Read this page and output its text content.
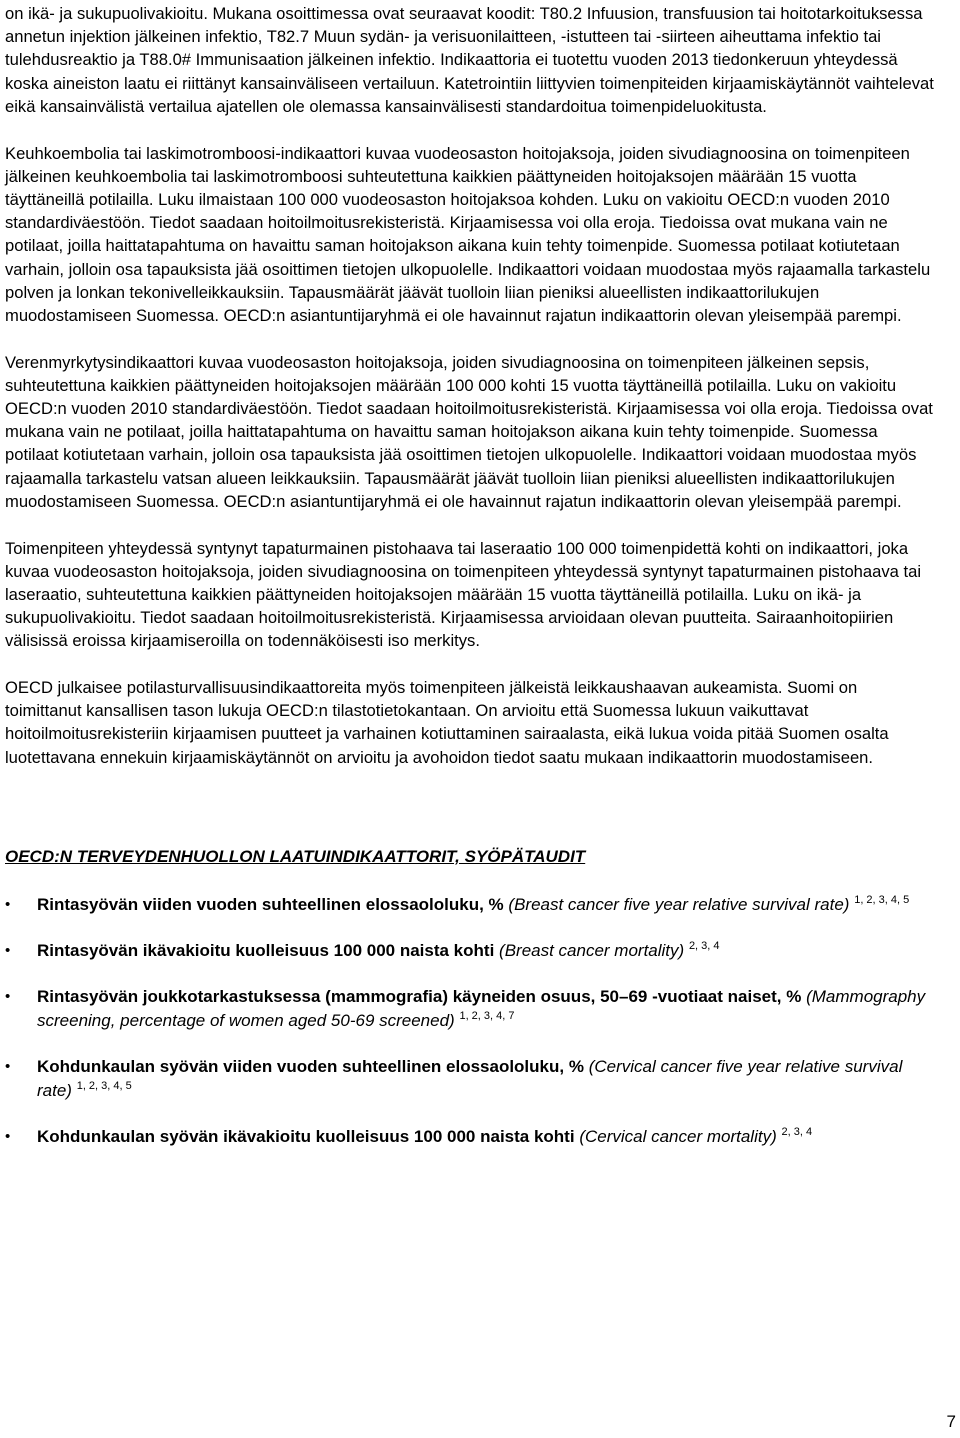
on ikä- ja sukupuolivakioitu. Mukana osoittimessa ovat seuraavat koodit: T80.2 Infuusion, transfuusion tai hoitotarkoituksessa annetun injektion jälkeinen infektio, T82.7 Muun sydän- ja verisuonilaitteen, -istutteen tai -siirteen aiheuttama infektio tai tulehdusreaktio ja T88.0# Immunisaation jälkeinen infektio. Indikaattoria ei tuotettu vuoden 2013 tiedonkeruun yhteydessä koska aineiston laatu ei riittänyt kansainväliseen vertailuun. Katetrointiin liittyvien toimenpiteiden kirjaamiskäytännöt vaihtelevat eikä kansainvälistä vertailua ajatellen ole olemassa kansainvälisesti standardoitua toimenpideluokitusta.

Keuhkoembolia tai laskimotromboosi-indikaattori kuvaa vuodeosaston hoitojaksoja, joiden sivudiagnoosina on toimenpiteen jälkeinen keuhkoembolia tai laskimotromboosi suhteutettuna kaikkien päättyneiden hoitojaksojen määrään 15 vuotta täyttäneillä potilailla. Luku ilmaistaan 100 000 vuodeosaston hoitojaksoa kohden. Luku on vakioitu OECD:n vuoden 2010 standardiväestöön. Tiedot saadaan hoitoilmoitusrekisteristä. Kirjaamisessa voi olla eroja. Tiedoissa ovat mukana vain ne potilaat, joilla haittatapahtuma on havaittu saman hoitojakson aikana kuin tehty toimenpide. Suomessa potilaat kotiutetaan varhain, jolloin osa tapauksista jää osoittimen tietojen ulkopuolelle. Indikaattori voidaan muodostaa myös rajaamalla tarkastelu polven ja lonkan tekonivelleikkauksiin. Tapausmäärät jäävät tuolloin liian pieniksi alueellisten indikaattorilukujen muodostamiseen Suomessa. OECD:n asiantuntijaryhmä ei ole havainnut rajatun indikaattorin olevan yleisempää parempi.

Verenmyrkytysindikaattori kuvaa vuodeosaston hoitojaksoja, joiden sivudiagnoosina on toimenpiteen jälkeinen sepsis, suhteutettuna kaikkien päättyneiden hoitojaksojen määrään 100 000 kohti 15 vuotta täyttäneillä potilailla. Luku on vakioitu OECD:n vuoden 2010 standardiväestöön. Tiedot saadaan hoitoilmoitusrekisteristä. Kirjaamisessa voi olla eroja. Tiedoissa ovat mukana vain ne potilaat, joilla haittatapahtuma on havaittu saman hoitojakson aikana kuin tehty toimenpide. Suomessa potilaat kotiutetaan varhain, jolloin osa tapauksista jää osoittimen tietojen ulkopuolelle. Indikaattori voidaan muodostaa myös rajaamalla tarkastelu vatsan alueen leikkauksiin. Tapausmäärät jäävät tuolloin liian pieniksi alueellisten indikaattorilukujen muodostamiseen Suomessa. OECD:n asiantuntijaryhmä ei ole havainnut rajatun indikaattorin olevan yleisempää parempi.

Toimenpiteen yhteydessä syntynyt tapaturmainen pistohaava tai laseraatio 100 000 toimenpidettä kohti on indikaattori, joka kuvaa vuodeosaston hoitojaksoja, joiden sivudiagnoosina on toimenpiteen yhteydessä syntynyt tapaturmainen pistohaava tai laseraatio, suhteutettuna kaikkien päättyneiden hoitojaksojen määrään 15 vuotta täyttäneillä potilailla. Luku on ikä- ja sukupuolivakioitu. Tiedot saadaan hoitoilmoitusrekisteristä. Kirjaamisessa arvioidaan olevan puutteita. Sairaanhoitopiirien välisissä eroissa kirjaamiseroilla on todennäköisesti iso merkitys.

OECD julkaisee potilasturvallisuusindikaattoreita myös toimenpiteen jälkeistä leikkaushaavan aukeamista. Suomi on toimittanut kansallisen tason lukuja OECD:n tilastotietokantaan. On arvioitu että Suomessa lukuun vaikuttavat hoitoilmoitusrekisteriin kirjaamisen puutteet ja varhainen kotiuttaminen sairaalasta, eikä lukua voida pitää Suomen osalta luotettavana ennekuin kirjaamiskäytännöt on arvioitu ja avohoidon tiedot saatu mukaan indikaattorin muodostamiseen.

OECD:N TERVEYDENHUOLLON LAATUINDIKAATTORIT, SYÖPÄTAUDIT
• Rintasyövän viiden vuoden suhteellinen elossaololuku, % (Breast cancer five year relative survival rate) $^{1, 2, 3, 4, 5}$
• Rintasyövän ikävakioitu kuolleisuus 100 000 naista kohti (Breast cancer mortality) $^{2, 3, 4}$
• Rintasyövän joukkotarkastuksessa (mammografia) käyneiden osuus, 50–69 -vuotiaat naiset, % (Mammography screening, percentage of women aged 50-69 screened) $^{1, 2, 3, 4, 7}$
• Kohdunkaulan syövän viiden vuoden suhteellinen elossaololuku, % (Cervical cancer five year relative survival rate) $^{1, 2, 3, 4, 5}$
• Kohdunkaulan syövän ikävakioitu kuolleisuus 100 000 naista kohti (Cervical cancer mortality) $^{2, 3, 4}$
7
